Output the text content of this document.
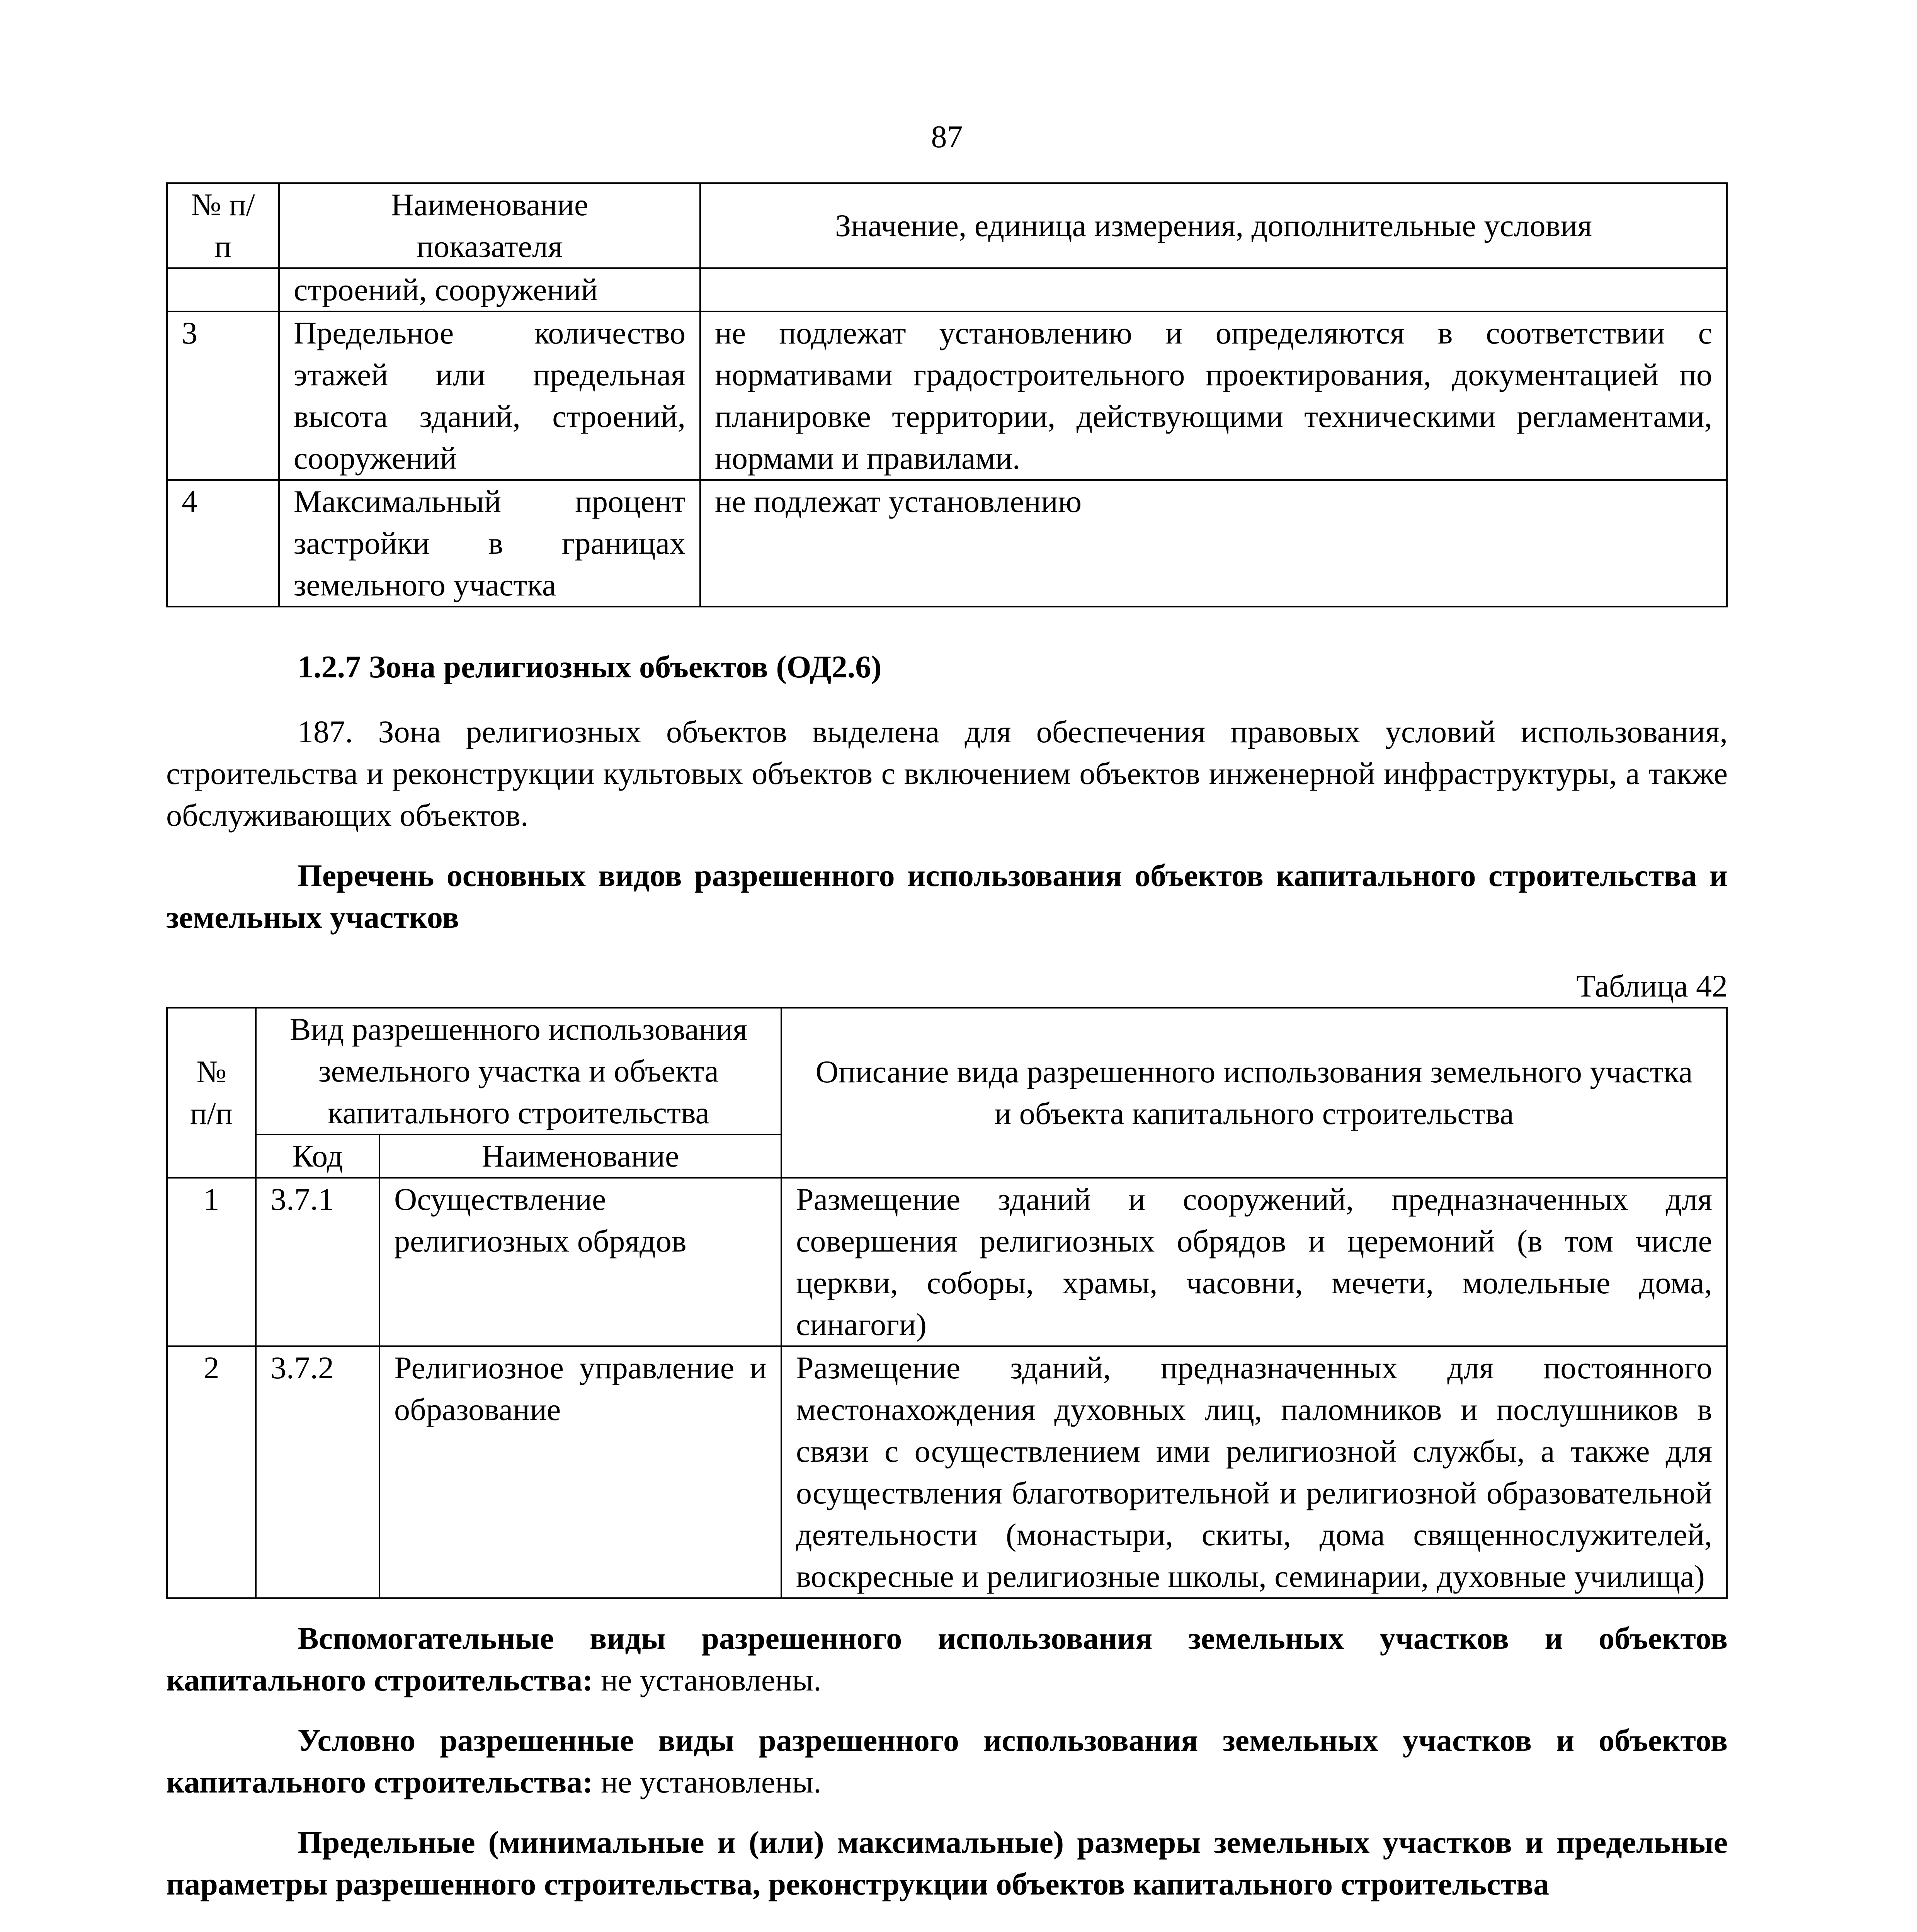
87
№ п/п	Наименование показателя	Значение, единица измерения, дополнительные условия
	строений, сооружений	
3	Предельное количество этажей или предельная высота зданий, строений, сооружений	не подлежат установлению и определяются в соответствии с нормативами градостроительного проектирования, документацией по планировке территории, действующими техническими регламентами, нормами и правилами.
4	Максимальный процент застройки в границах земельного участка	не подлежат установлению
1.2.7 Зона религиозных объектов (ОД2.6)

187. Зона религиозных объектов выделена для обеспечения правовых условий использования, строительства и реконструкции культовых объектов с включением объектов инженерной инфраструктуры, а также обслуживающих объектов.

Перечень основных видов разрешенного использования объектов капитального строительства и земельных участков

Таблица 42
№ п/п	Вид разрешенного использования земельного участка и объекта капитального строительства		Описание вида разрешенного использования земельного участка и объекта капитального строительства
	Код	Наименование	
1	3.7.1	Осуществление религиозных обрядов	Размещение зданий и сооружений, предназначенных для совершения религиозных обрядов и церемоний (в том числе церкви, соборы, храмы, часовни, мечети, молельные дома, синагоги)
2	3.7.2	Религиозное управление и образование	Размещение зданий, предназначенных для постоянного местонахождения духовных лиц, паломников и послушников в связи с осуществлением ими религиозной службы, а также для осуществления благотворительной и религиозной образовательной деятельности (монастыри, скиты, дома священнослужителей, воскресные и религиозные школы, семинарии, духовные училища)

Вспомогательные виды разрешенного использования земельных участков и объектов капитального строительства: не установлены.

Условно разрешенные виды разрешенного использования земельных участков и объектов капитального строительства: не установлены.

Предельные (минимальные и (или) максимальные) размеры земельных участков и предельные параметры разрешенного строительства, реконструкции объектов капитального строительства
